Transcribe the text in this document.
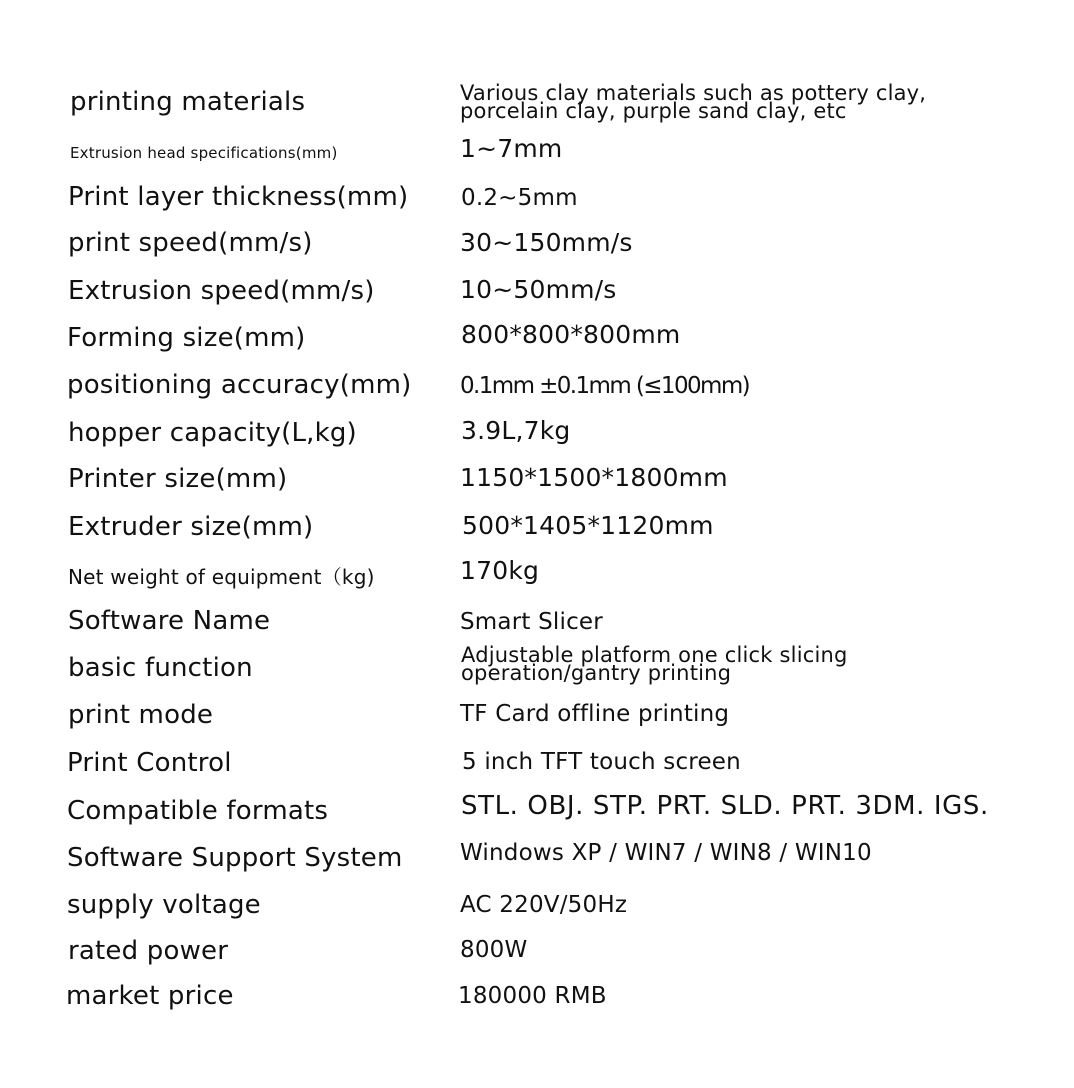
printing materials	Various clay materials such as pottery clay, porcelain clay, purple sand clay, etc

Extrusion head specifications(mm)	1~7mm

Print layer thickness(mm) 0.2~5mm

print speed(mm/s)	30~150mm/s

Extrusion speed(mm/s)	10~50mm/s

Forming size(mm)	800*800*800mm

positioning accuracy(mm) 0.1mm ±0.1mm (≤100mm)

hopper capacity(L,kg)	3.9L,7kg

Printer size(mm)	1150*1500*1800mm

Extruder size(mm)	500*1405*1120mm

Net weight of equipment（kg)	170kg

Software Name	Smart Slicer

basic function	Adjustable platform one click slicing operation/gantry printing

print mode	TF Card offline printing

Print Control	5 inch TFT touch screen

Compatible formats	STL. OBJ. STP. PRT. SLD. PRT. 3DM. IGS.

Software Support System	Windows XP / WIN7 / WIN8 / WIN10

supply voltage	AC 220V/50Hz

rated power	800W

market price	180000 RMB
